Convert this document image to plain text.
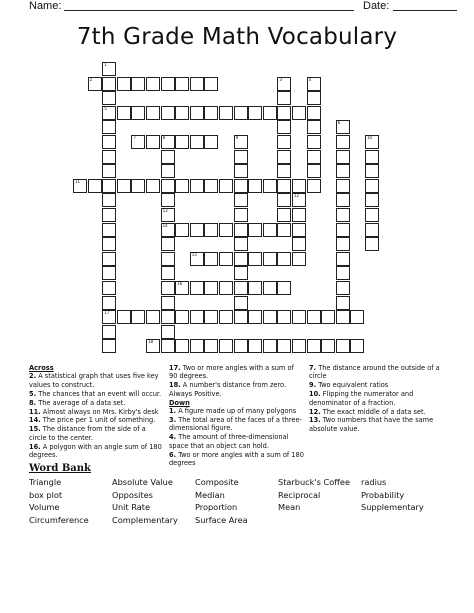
Name:	Date:
7th Grade Math Vocabulary
1
5
17
2	3	4
6
7	8
13
14
9	10
11
12
15
16
18
Across
2. A statistical graph that uses five key values to construct.
5. The chances that an event will occur.
8. The average of a data set.
11. Almost always on Mrs. Kirby's desk
14. The price per 1 unit of something.
15. The distance from the side of a circle to the center.
16. A polygon with an angle sum of 180 degrees.
17. Two or more angles with a sum of 90 degrees.
18. A number's distance from zero. Always Positive.
Down
1. A figure made up of many polygons
3. The total area of the faces of a three-dimensional figure.
4. The amount of three-dimensional space that an object can hold.
6. Two or more angles with a sum of 180 degrees
7. The distance around the outside of a circle
9. Two equivalent ratios
10. Flipping the numerator and denominator of a fraction.
12. The exact middle of a data set.
13. Two numbers that have the same absolute value.
Word Bank
Triangle
box plot
Volume
Circumference
Absolute Value
Opposites
Unit Rate
Complementary
Composite
Median
Proportion
Surface Area
Starbuck's Coffee
Reciprocal
Mean
radius
Probability
Supplementary
